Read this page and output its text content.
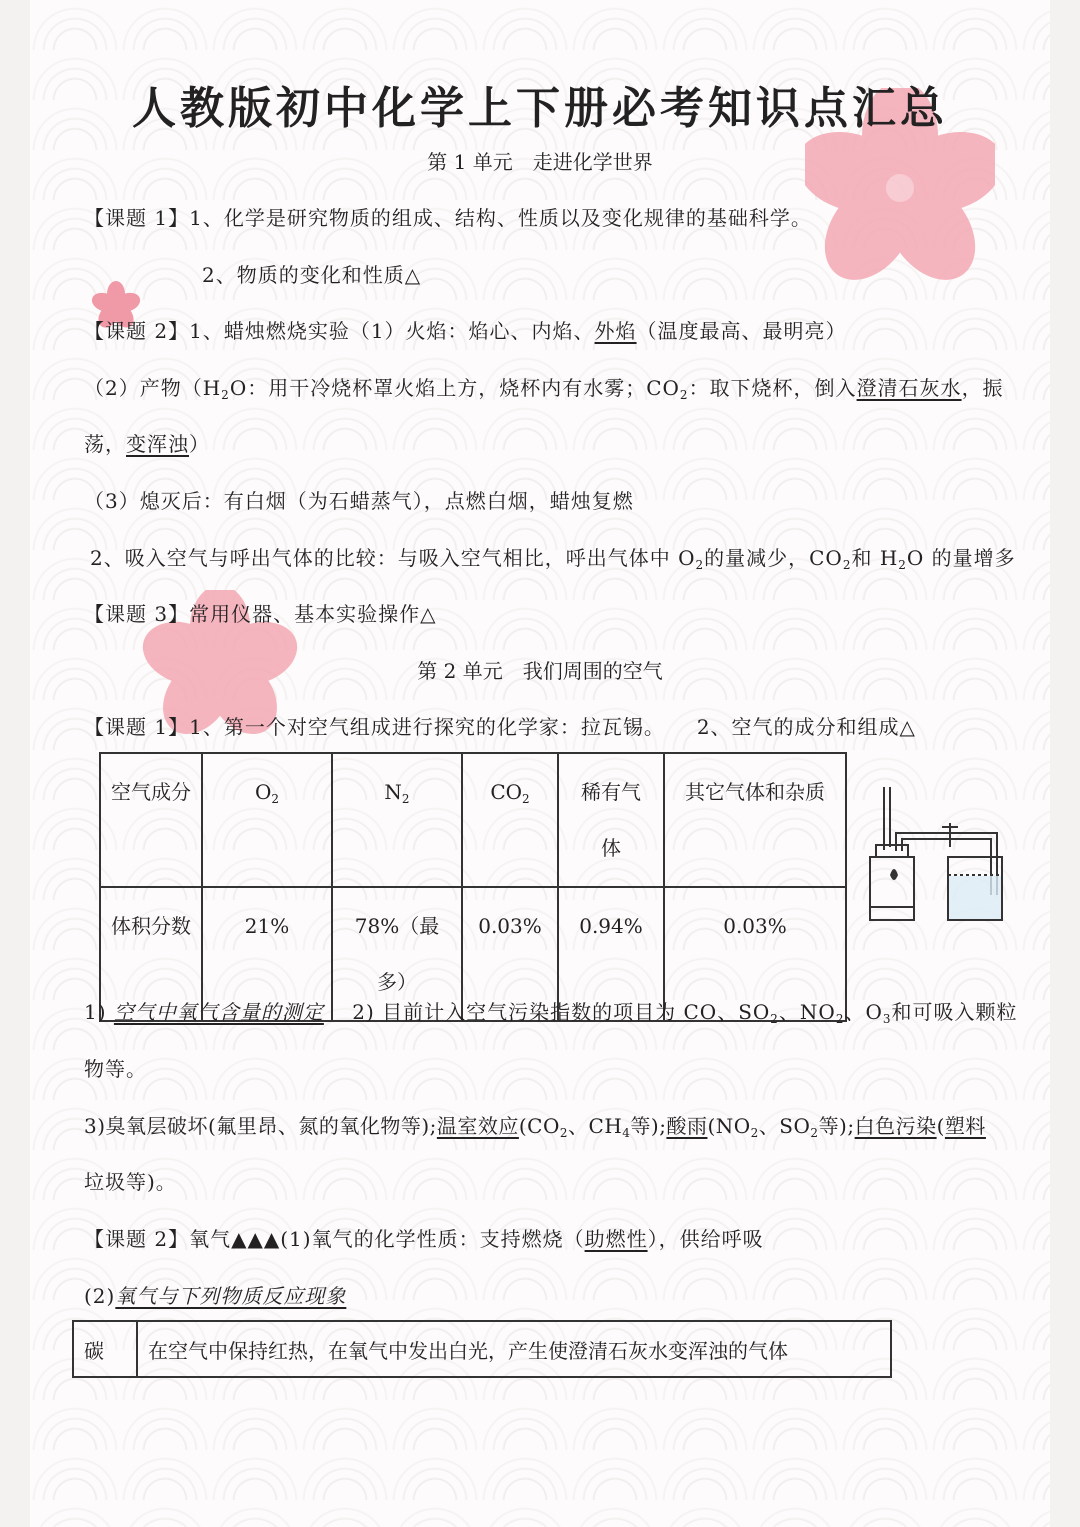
人教版初中化学上下册必考知识点汇总
第 1 单元　走进化学世界
【课题 1】1、化学是研究物质的组成、结构、性质以及变化规律的基础科学。
2、物质的变化和性质△
【课题 2】1、蜡烛燃烧实验（1）火焰：焰心、内焰、外焰（温度最高、最明亮）
（2）产物（$H_2O$：用干冷烧杯罩火焰上方，烧杯内有水雾；$CO_2$：取下烧杯，倒入澄清石灰水，振
荡，变浑浊）
（3）熄灭后：有白烟（为石蜡蒸气），点燃白烟，蜡烛复燃
2、吸入空气与呼出气体的比较：与吸入空气相比，呼出气体中 $O_2$的量减少，$CO_2$和 $H_2O$ 的量增多
【课题 3】常用仪器、基本实验操作△
第 2 单元　我们周围的空气
【课题 1】1、第一个对空气组成进行探究的化学家：拉瓦锡。　　2、空气的成分和组成△
空气成分	$O_2$	$N_2$	$CO_2$	稀有气体	其它气体和杂质
体积分数	21%	78%（最多）	0.03%	0.94%	0.03%
1) 空气中氧气含量的测定　 2) 目前计入空气污染指数的项目为 CO、$SO_2$、$NO_2$、$O_3$和可吸入颗粒
物等。
3)臭氧层破坏(氟里昂、氮的氧化物等);温室效应($CO_2$、$CH_4$等);酸雨($NO_2$、$SO_2$等);白色污染(塑料
垃圾等)。
【课题 2】氧气▲▲▲(1)氧气的化学性质：支持燃烧（助燃性），供给呼吸
(2)氧气与下列物质反应现象
碳	在空气中保持红热，在氧气中发出白光，产生使澄清石灰水变浑浊的气体
